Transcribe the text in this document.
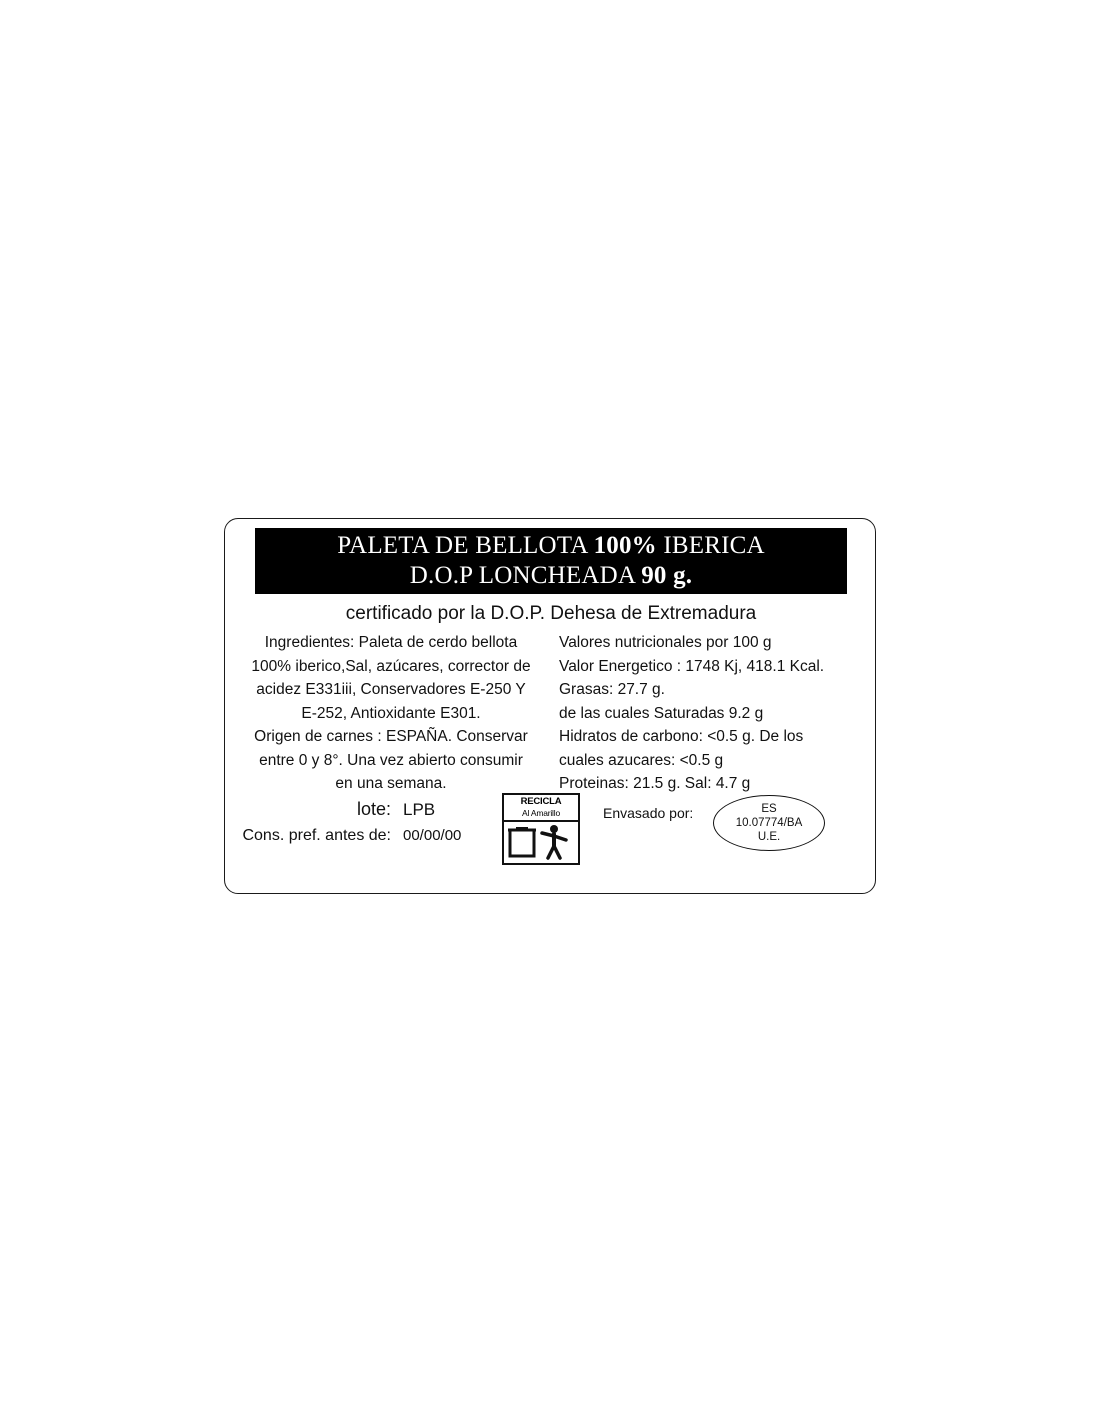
PALETA DE BELLOTA 100% IBERICA
D.O.P LONCHEADA 90 g.
certificado por la D.O.P. Dehesa de Extremadura

Ingredientes: Paleta de cerdo bellota

100% iberico,Sal, azúcares, corrector de

acidez E331iii, Conservadores E-250 Y

E-252, Antioxidante E301.

Origen de carnes : ESPAÑA. Conservar

entre 0 y 8°. Una vez abierto consumir

en una semana.

Valores nutricionales por 100 g

Valor Energetico : 1748 Kj, 418.1 Kcal.

Grasas: 27.7 g.

de las cuales Saturadas 9.2 g

Hidratos de carbono: <0.5 g. De los

cuales azucares: <0.5 g

Proteinas: 21.5 g. Sal: 4.7 g

lote: LPB
Cons. pref. antes de: 00/00/00
RECICLA
Al Amarillo	Envasado por:	ES
10.07774/BA
U.E.
